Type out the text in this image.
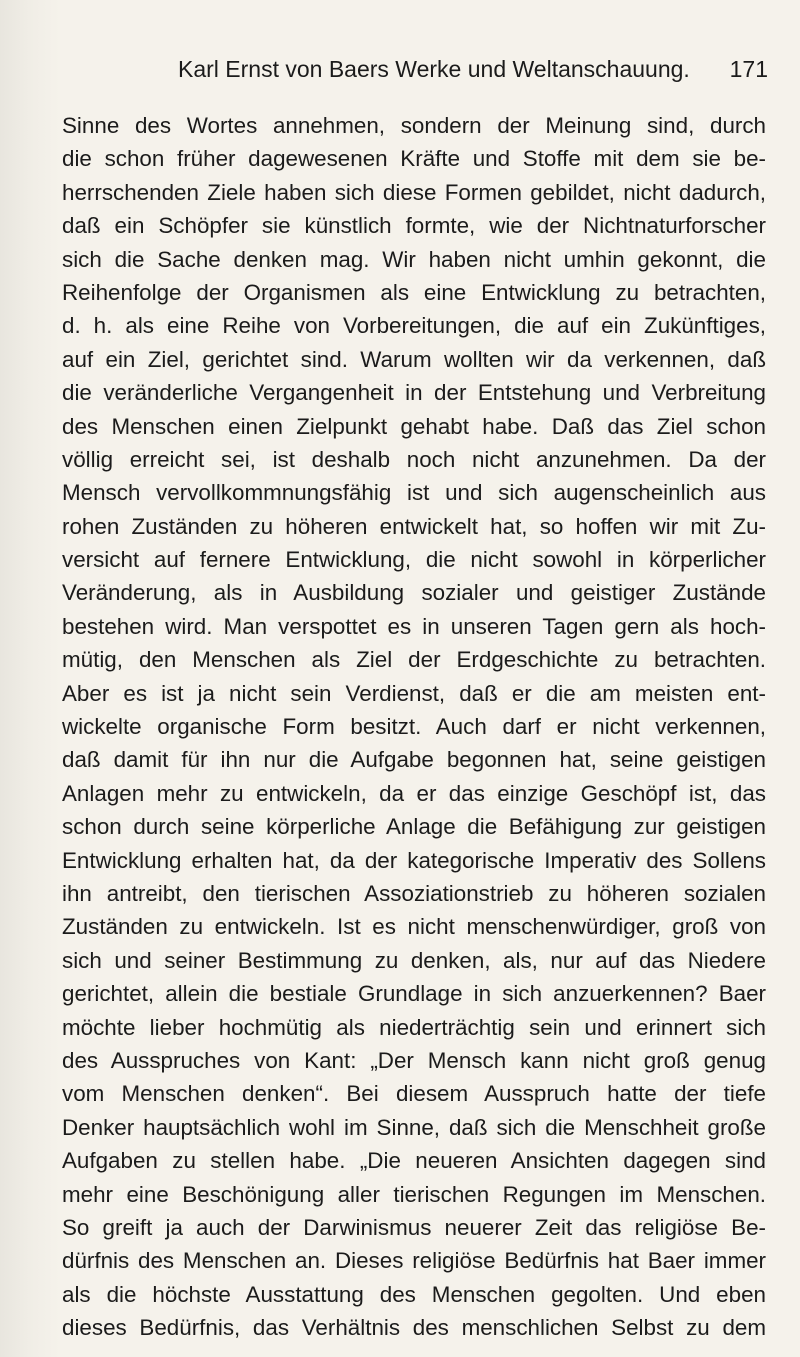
Karl Ernst von Baers Werke und Weltanschauung. 171
Sinne des Wortes annehmen, sondern der Meinung sind, durch
die schon früher dagewesenen Kräfte und Stoffe mit dem sie be-
herrschenden Ziele haben sich diese Formen gebildet, nicht dadurch,
daß ein Schöpfer sie künstlich formte, wie der Nichtnaturforscher
sich die Sache denken mag. Wir haben nicht umhin gekonnt, die
Reihenfolge der Organismen als eine Entwicklung zu betrachten,
d. h. als eine Reihe von Vorbereitungen, die auf ein Zukünftiges,
auf ein Ziel, gerichtet sind. Warum wollten wir da verkennen, daß
die veränderliche Vergangenheit in der Entstehung und Verbreitung
des Menschen einen Zielpunkt gehabt habe. Daß das Ziel schon
völlig erreicht sei, ist deshalb noch nicht anzunehmen. Da der
Mensch vervollkommnungsfähig ist und sich augenscheinlich aus
rohen Zuständen zu höheren entwickelt hat, so hoffen wir mit Zu-
versicht auf fernere Entwicklung, die nicht sowohl in körperlicher
Veränderung, als in Ausbildung sozialer und geistiger Zustände
bestehen wird. Man verspottet es in unseren Tagen gern als hoch-
mütig, den Menschen als Ziel der Erdgeschichte zu betrachten.
Aber es ist ja nicht sein Verdienst, daß er die am meisten ent-
wickelte organische Form besitzt. Auch darf er nicht verkennen,
daß damit für ihn nur die Aufgabe begonnen hat, seine geistigen
Anlagen mehr zu entwickeln, da er das einzige Geschöpf ist, das
schon durch seine körperliche Anlage die Befähigung zur geistigen
Entwicklung erhalten hat, da der kategorische Imperativ des Sollens
ihn antreibt, den tierischen Assoziationstrieb zu höheren sozialen
Zuständen zu entwickeln. Ist es nicht menschenwürdiger, groß von
sich und seiner Bestimmung zu denken, als, nur auf das Niedere
gerichtet, allein die bestiale Grundlage in sich anzuerkennen? Baer
möchte lieber hochmütig als niederträchtig sein und erinnert sich
des Ausspruches von Kant: „Der Mensch kann nicht groß genug
vom Menschen denken“. Bei diesem Ausspruch hatte der tiefe
Denker hauptsächlich wohl im Sinne, daß sich die Menschheit große
Aufgaben zu stellen habe. „Die neueren Ansichten dagegen sind
mehr eine Beschönigung aller tierischen Regungen im Menschen.
So greift ja auch der Darwinismus neuerer Zeit das religiöse Be-
dürfnis des Menschen an. Dieses religiöse Bedürfnis hat Baer immer
als die höchste Ausstattung des Menschen gegolten. Und eben
dieses Bedürfnis, das Verhältnis des menschlichen Selbst zu dem
